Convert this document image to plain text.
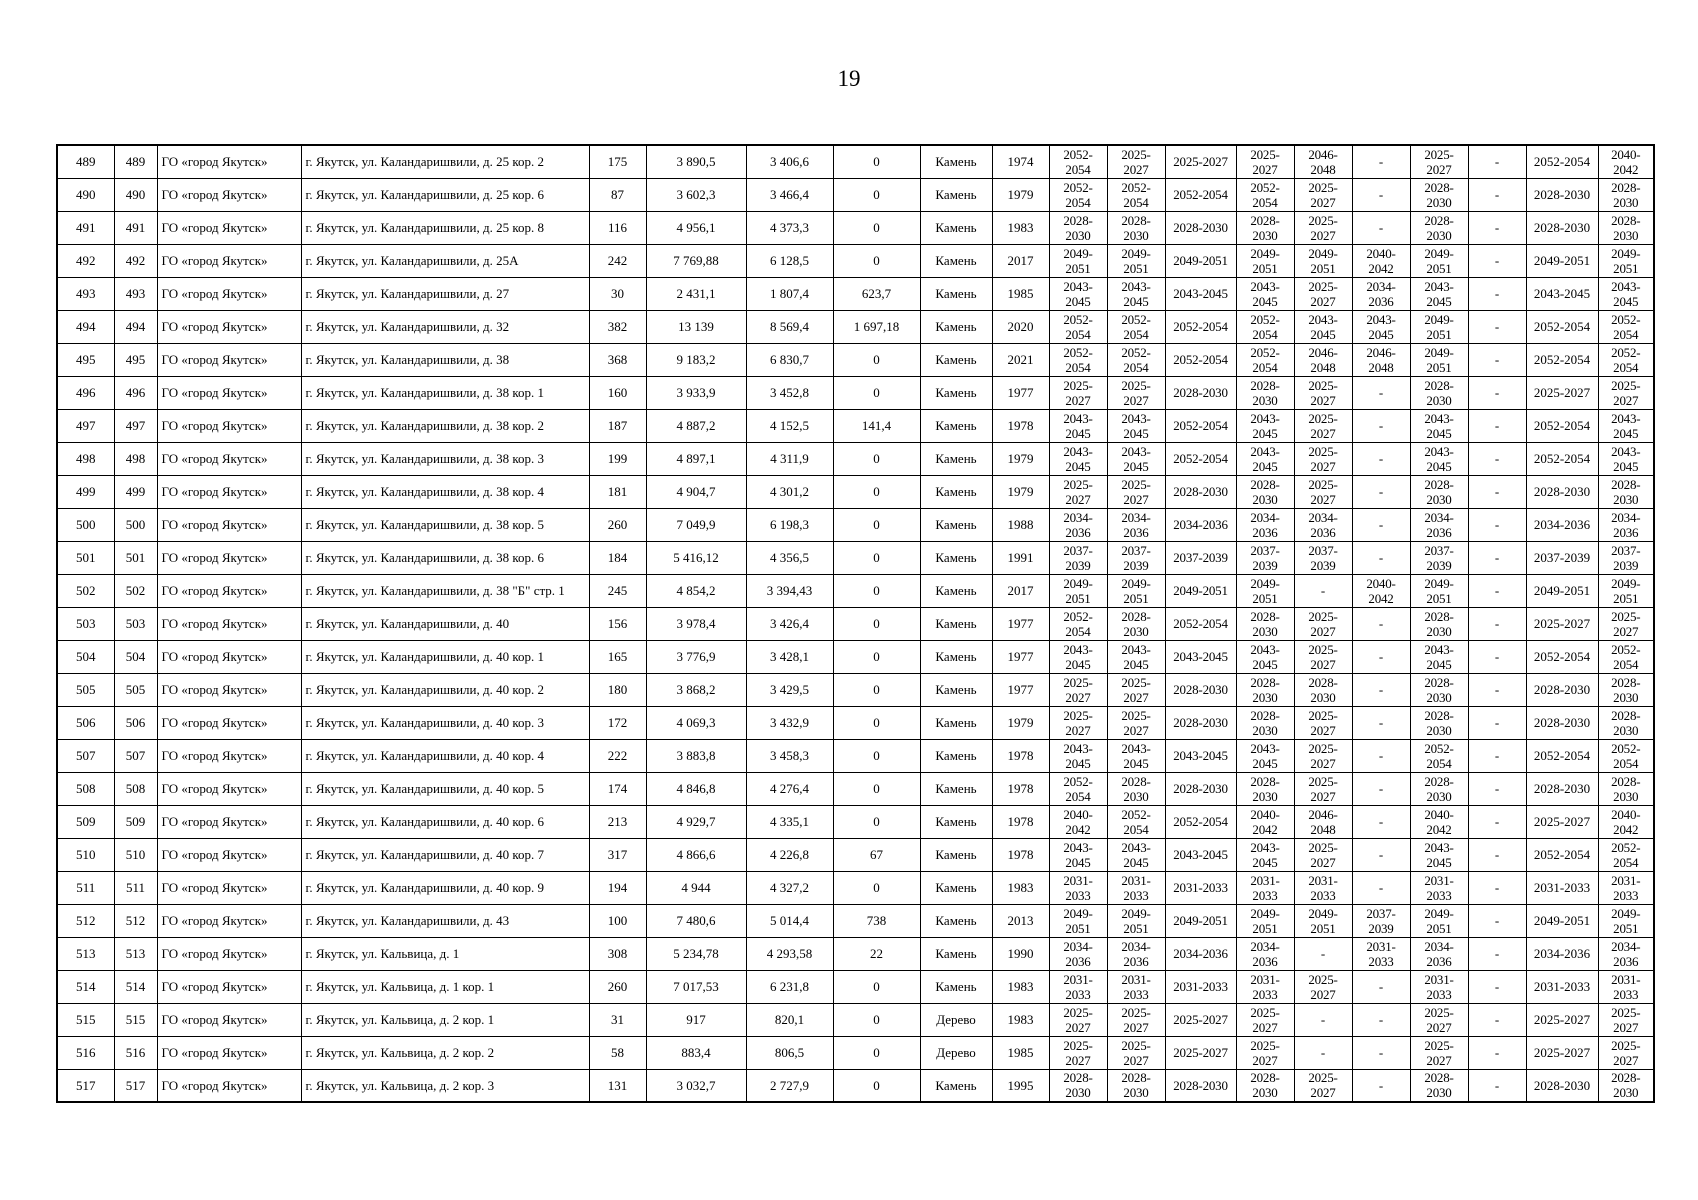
19
489	489	ГО «город Якутск»	г. Якутск, ул. Каландаришвили, д. 25 кор. 2	175	3 890,5	3 406,6	0	Камень	1974	2052-2054	2025-2027	2025-2027	2025-2027	2046-2048	-	2025-2027	-	2052-2054	2040-2042
490	490	ГО «город Якутск»	г. Якутск, ул. Каландаришвили, д. 25 кор. 6	87	3 602,3	3 466,4	0	Камень	1979	2052-2054	2052-2054	2052-2054	2052-2054	2025-2027	-	2028-2030	-	2028-2030	2028-2030
491	491	ГО «город Якутск»	г. Якутск, ул. Каландаришвили, д. 25 кор. 8	116	4 956,1	4 373,3	0	Камень	1983	2028-2030	2028-2030	2028-2030	2028-2030	2025-2027	-	2028-2030	-	2028-2030	2028-2030
492	492	ГО «город Якутск»	г. Якутск, ул. Каландаришвили, д. 25А	242	7 769,88	6 128,5	0	Камень	2017	2049-2051	2049-2051	2049-2051	2049-2051	2049-2051	2040-2042	2049-2051	-	2049-2051	2049-2051
493	493	ГО «город Якутск»	г. Якутск, ул. Каландаришвили, д. 27	30	2 431,1	1 807,4	623,7	Камень	1985	2043-2045	2043-2045	2043-2045	2043-2045	2025-2027	2034-2036	2043-2045	-	2043-2045	2043-2045
494	494	ГО «город Якутск»	г. Якутск, ул. Каландаришвили, д. 32	382	13 139	8 569,4	1 697,18	Камень	2020	2052-2054	2052-2054	2052-2054	2052-2054	2043-2045	2043-2045	2049-2051	-	2052-2054	2052-2054
495	495	ГО «город Якутск»	г. Якутск, ул. Каландаришвили, д. 38	368	9 183,2	6 830,7	0	Камень	2021	2052-2054	2052-2054	2052-2054	2052-2054	2046-2048	2046-2048	2049-2051	-	2052-2054	2052-2054
496	496	ГО «город Якутск»	г. Якутск, ул. Каландаришвили, д. 38 кор. 1	160	3 933,9	3 452,8	0	Камень	1977	2025-2027	2025-2027	2028-2030	2028-2030	2025-2027	-	2028-2030	-	2025-2027	2025-2027
497	497	ГО «город Якутск»	г. Якутск, ул. Каландаришвили, д. 38 кор. 2	187	4 887,2	4 152,5	141,4	Камень	1978	2043-2045	2043-2045	2052-2054	2043-2045	2025-2027	-	2043-2045	-	2052-2054	2043-2045
498	498	ГО «город Якутск»	г. Якутск, ул. Каландаришвили, д. 38 кор. 3	199	4 897,1	4 311,9	0	Камень	1979	2043-2045	2043-2045	2052-2054	2043-2045	2025-2027	-	2043-2045	-	2052-2054	2043-2045
499	499	ГО «город Якутск»	г. Якутск, ул. Каландаришвили, д. 38 кор. 4	181	4 904,7	4 301,2	0	Камень	1979	2025-2027	2025-2027	2028-2030	2028-2030	2025-2027	-	2028-2030	-	2028-2030	2028-2030
500	500	ГО «город Якутск»	г. Якутск, ул. Каландаришвили, д. 38 кор. 5	260	7 049,9	6 198,3	0	Камень	1988	2034-2036	2034-2036	2034-2036	2034-2036	2034-2036	-	2034-2036	-	2034-2036	2034-2036
501	501	ГО «город Якутск»	г. Якутск, ул. Каландаришвили, д. 38 кор. 6	184	5 416,12	4 356,5	0	Камень	1991	2037-2039	2037-2039	2037-2039	2037-2039	2037-2039	-	2037-2039	-	2037-2039	2037-2039
502	502	ГО «город Якутск»	г. Якутск, ул. Каландаришвили, д. 38 "Б" стр. 1	245	4 854,2	3 394,43	0	Камень	2017	2049-2051	2049-2051	2049-2051	2049-2051	-	2040-2042	2049-2051	-	2049-2051	2049-2051
503	503	ГО «город Якутск»	г. Якутск, ул. Каландаришвили, д. 40	156	3 978,4	3 426,4	0	Камень	1977	2052-2054	2028-2030	2052-2054	2028-2030	2025-2027	-	2028-2030	-	2025-2027	2025-2027
504	504	ГО «город Якутск»	г. Якутск, ул. Каландаришвили, д. 40 кор. 1	165	3 776,9	3 428,1	0	Камень	1977	2043-2045	2043-2045	2043-2045	2043-2045	2025-2027	-	2043-2045	-	2052-2054	2052-2054
505	505	ГО «город Якутск»	г. Якутск, ул. Каландаришвили, д. 40 кор. 2	180	3 868,2	3 429,5	0	Камень	1977	2025-2027	2025-2027	2028-2030	2028-2030	2028-2030	-	2028-2030	-	2028-2030	2028-2030
506	506	ГО «город Якутск»	г. Якутск, ул. Каландаришвили, д. 40 кор. 3	172	4 069,3	3 432,9	0	Камень	1979	2025-2027	2025-2027	2028-2030	2028-2030	2025-2027	-	2028-2030	-	2028-2030	2028-2030
507	507	ГО «город Якутск»	г. Якутск, ул. Каландаришвили, д. 40 кор. 4	222	3 883,8	3 458,3	0	Камень	1978	2043-2045	2043-2045	2043-2045	2043-2045	2025-2027	-	2052-2054	-	2052-2054	2052-2054
508	508	ГО «город Якутск»	г. Якутск, ул. Каландаришвили, д. 40 кор. 5	174	4 846,8	4 276,4	0	Камень	1978	2052-2054	2028-2030	2028-2030	2028-2030	2025-2027	-	2028-2030	-	2028-2030	2028-2030
509	509	ГО «город Якутск»	г. Якутск, ул. Каландаришвили, д. 40 кор. 6	213	4 929,7	4 335,1	0	Камень	1978	2040-2042	2052-2054	2052-2054	2040-2042	2046-2048	-	2040-2042	-	2025-2027	2040-2042
510	510	ГО «город Якутск»	г. Якутск, ул. Каландаришвили, д. 40 кор. 7	317	4 866,6	4 226,8	67	Камень	1978	2043-2045	2043-2045	2043-2045	2043-2045	2025-2027	-	2043-2045	-	2052-2054	2052-2054
511	511	ГО «город Якутск»	г. Якутск, ул. Каландаришвили, д. 40 кор. 9	194	4 944	4 327,2	0	Камень	1983	2031-2033	2031-2033	2031-2033	2031-2033	2031-2033	-	2031-2033	-	2031-2033	2031-2033
512	512	ГО «город Якутск»	г. Якутск, ул. Каландаришвили, д. 43	100	7 480,6	5 014,4	738	Камень	2013	2049-2051	2049-2051	2049-2051	2049-2051	2049-2051	2037-2039	2049-2051	-	2049-2051	2049-2051
513	513	ГО «город Якутск»	г. Якутск, ул. Кальвица, д. 1	308	5 234,78	4 293,58	22	Камень	1990	2034-2036	2034-2036	2034-2036	2034-2036	-	2031-2033	2034-2036	-	2034-2036	2034-2036
514	514	ГО «город Якутск»	г. Якутск, ул. Кальвица, д. 1 кор. 1	260	7 017,53	6 231,8	0	Камень	1983	2031-2033	2031-2033	2031-2033	2031-2033	2025-2027	-	2031-2033	-	2031-2033	2031-2033
515	515	ГО «город Якутск»	г. Якутск, ул. Кальвица, д. 2 кор. 1	31	917	820,1	0	Дерево	1983	2025-2027	2025-2027	2025-2027	2025-2027	-	-	2025-2027	-	2025-2027	2025-2027
516	516	ГО «город Якутск»	г. Якутск, ул. Кальвица, д. 2 кор. 2	58	883,4	806,5	0	Дерево	1985	2025-2027	2025-2027	2025-2027	2025-2027	-	-	2025-2027	-	2025-2027	2025-2027
517	517	ГО «город Якутск»	г. Якутск, ул. Кальвица, д. 2 кор. 3	131	3 032,7	2 727,9	0	Камень	1995	2028-2030	2028-2030	2028-2030	2028-2030	2025-2027	-	2028-2030	-	2028-2030	2028-2030
